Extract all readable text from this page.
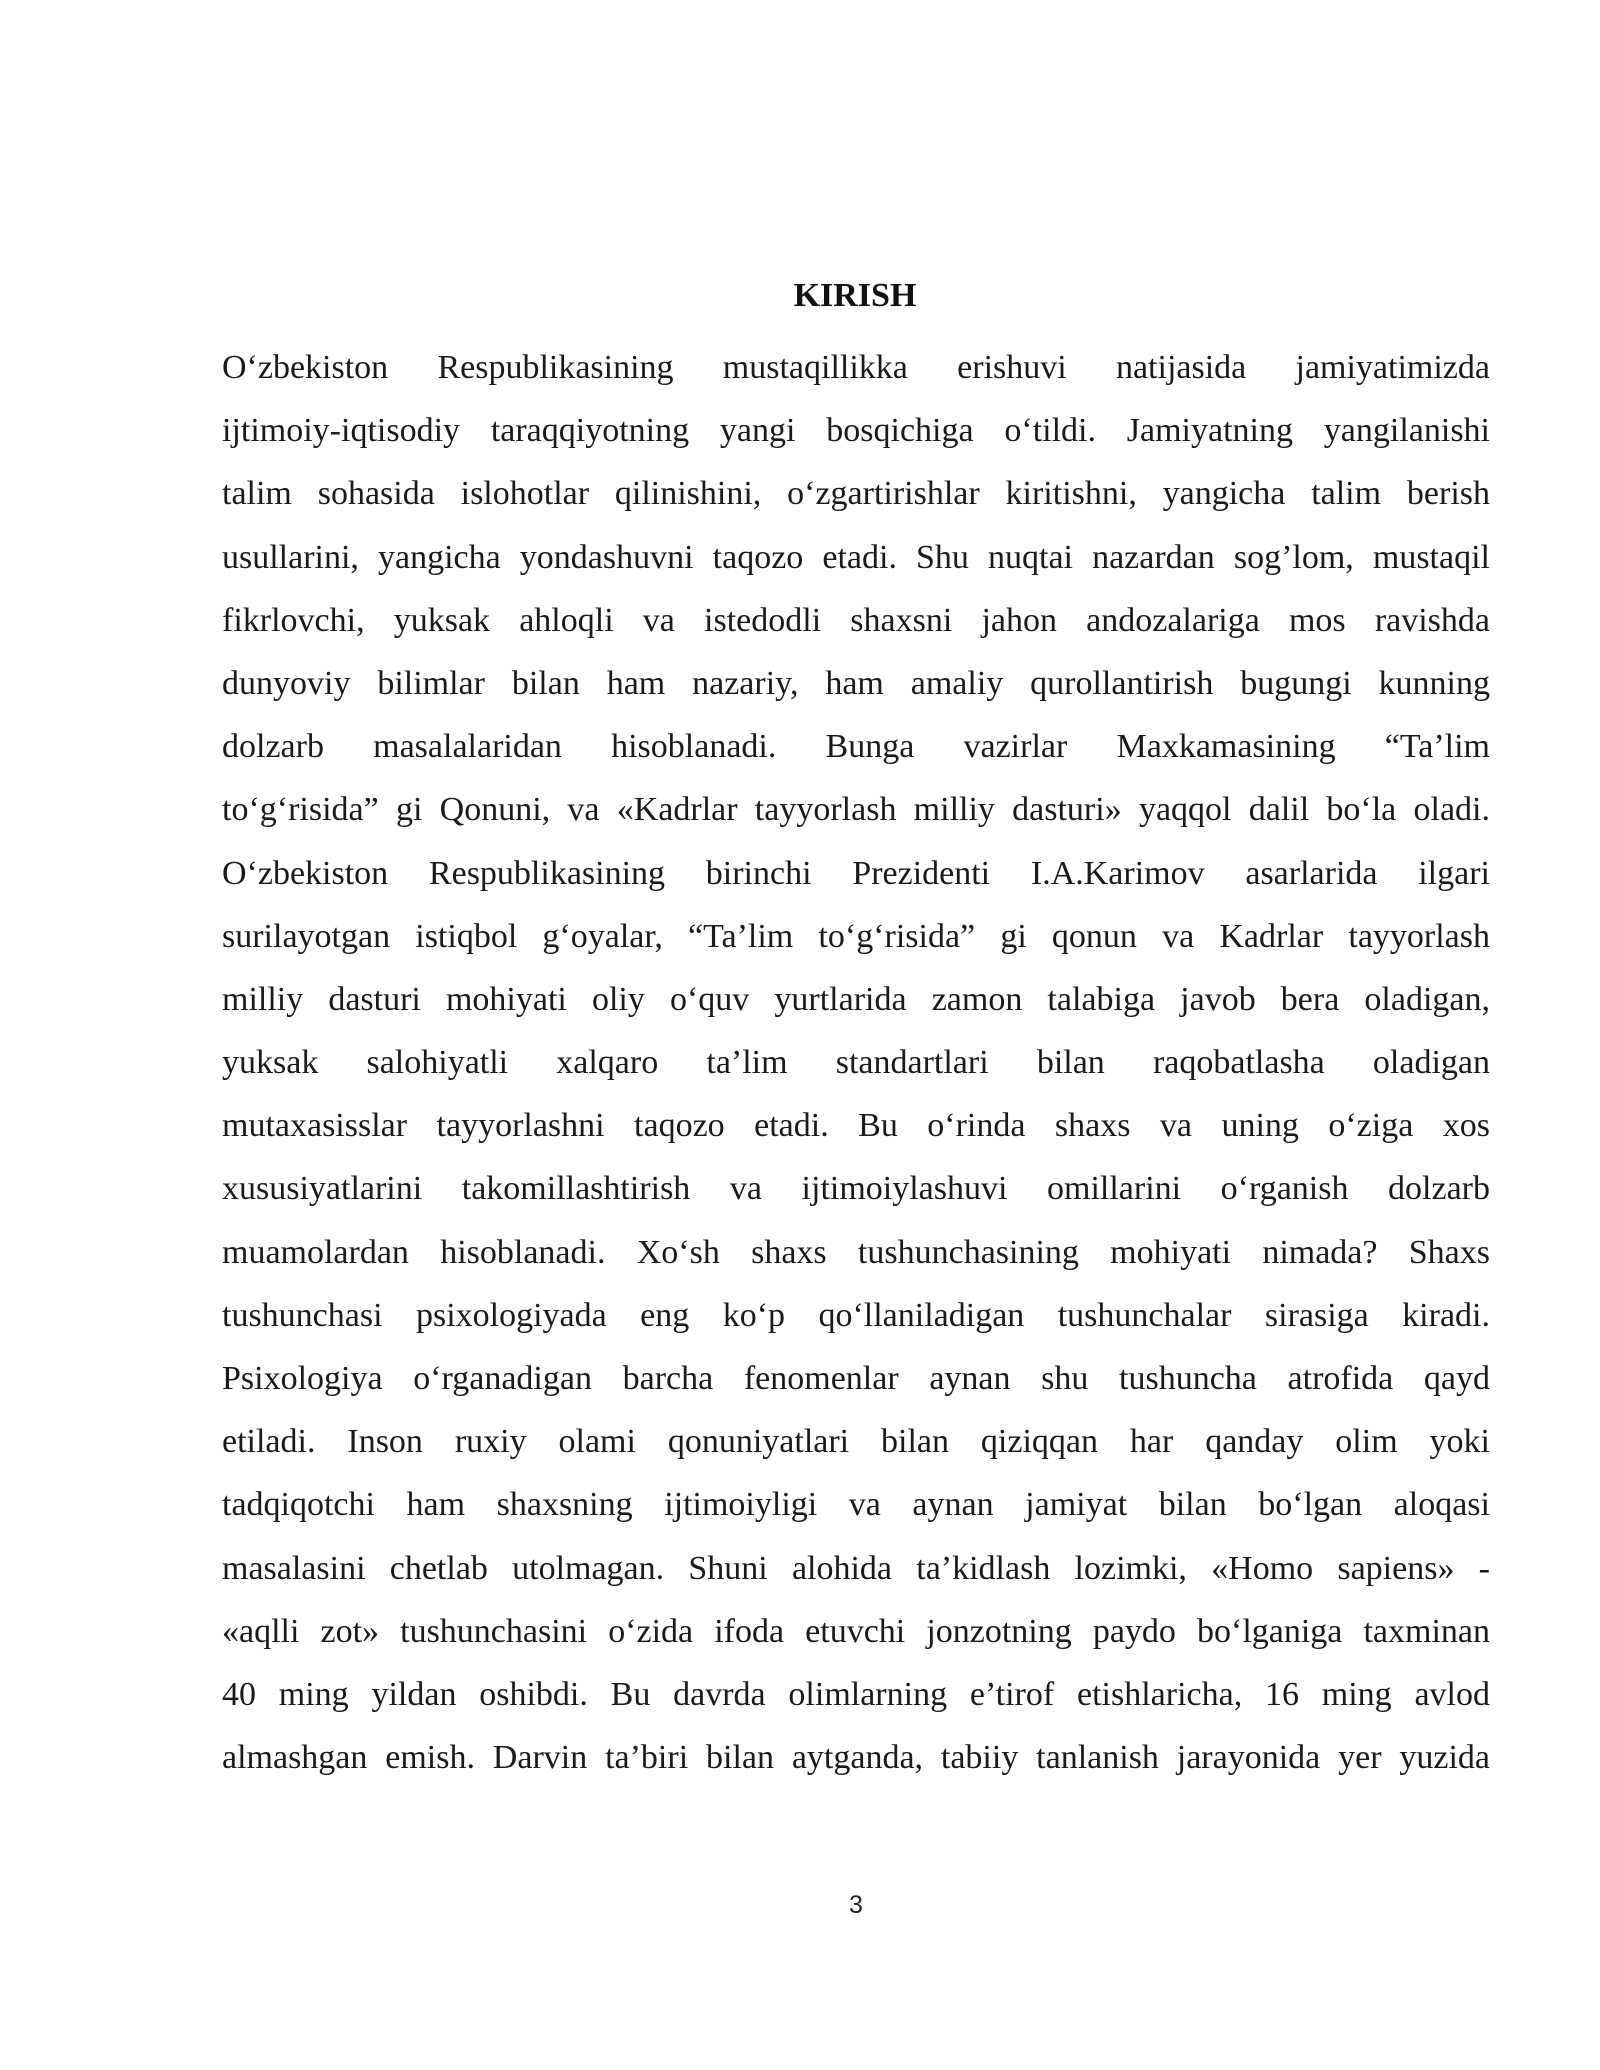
KIRISH
O‘zbekiston Respublikasining mustaqillikka erishuvi natijasida jamiyatimizda
ijtimoiy-iqtisodiy taraqqiyotning yangi bosqichiga o‘tildi. Jamiyatning yangilanishi
talim sohasida islohotlar qilinishini, o‘zgartirishlar kiritishni, yangicha talim berish
usullarini, yangicha yondashuvni taqozo etadi. Shu nuqtai nazardan sog’lom, mustaqil
fikrlovchi, yuksak ahloqli va istedodli shaxsni jahon andozalariga mos ravishda
dunyoviy bilimlar bilan ham nazariy, ham amaliy qurollantirish bugungi kunning
dolzarb masalalaridan hisoblanadi. Bunga vazirlar Maxkamasining “Ta’lim
to‘g‘risida” gi Qonuni, va «Kadrlar tayyorlash milliy dasturi» yaqqol dalil bo‘la oladi.
O‘zbekiston Respublikasining birinchi Prezidenti I.A.Karimov asarlarida ilgari
surilayotgan istiqbol g‘oyalar, “Ta’lim to‘g‘risida” gi qonun va Kadrlar tayyorlash
milliy dasturi mohiyati oliy o‘quv yurtlarida zamon talabiga javob bera oladigan,
yuksak salohiyatli xalqaro ta’lim standartlari bilan raqobatlasha oladigan
mutaxasisslar tayyorlashni taqozo etadi. Bu o‘rinda shaxs va uning o‘ziga xos
xususiyatlarini takomillashtirish va ijtimoiylashuvi omillarini o‘rganish dolzarb
muamolardan hisoblanadi. Xo‘sh shaxs tushunchasining mohiyati nimada? Shaxs
tushunchasi psixologiyada eng ko‘p qo‘llaniladigan tushunchalar sirasiga kiradi.
Psixologiya o‘rganadigan barcha fenomenlar aynan shu tushuncha atrofida qayd
etiladi. Inson ruxiy olami qonuniyatlari bilan qiziqqan har qanday olim yoki
tadqiqotchi ham shaxsning ijtimoiyligi va aynan jamiyat bilan bo‘lgan aloqasi
masalasini chetlab utolmagan. Shuni alohida ta’kidlash lozimki, «Homo sapiens» -
«aqlli zot» tushunchasini o‘zida ifoda etuvchi jonzotning paydo bo‘lganiga taxminan
40 ming yildan oshibdi. Bu davrda olimlarning e’tirof etishlaricha, 16 ming avlod
almashgan emish. Darvin ta’biri bilan aytganda, tabiiy tanlanish jarayonida yer yuzida
3
